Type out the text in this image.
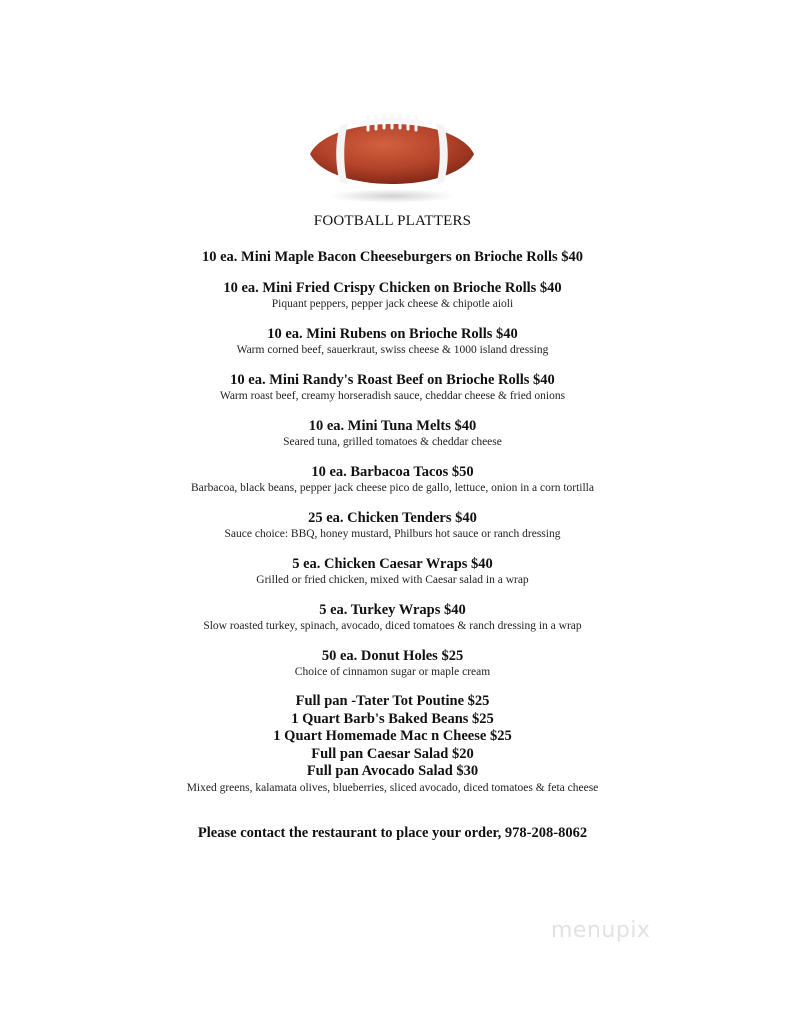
FOOTBALL PLATTERS
10 ea. Mini Maple Bacon Cheeseburgers on Brioche Rolls $40
10 ea. Mini Fried Crispy Chicken on Brioche Rolls $40
Piquant peppers, pepper jack cheese & chipotle aioli
10 ea. Mini Rubens on Brioche Rolls $40
Warm corned beef, sauerkraut, swiss cheese & 1000 island dressing
10 ea. Mini Randy's Roast Beef on Brioche Rolls $40
Warm roast beef, creamy horseradish sauce, cheddar cheese & fried onions
10 ea. Mini Tuna Melts $40
Seared tuna, grilled tomatoes & cheddar cheese
10 ea. Barbacoa Tacos $50
Barbacoa, black beans, pepper jack cheese pico de gallo, lettuce, onion in a corn tortilla
25 ea. Chicken Tenders $40
Sauce choice: BBQ, honey mustard, Philburs hot sauce or ranch dressing
5 ea. Chicken Caesar Wraps $40
Grilled or fried chicken, mixed with Caesar salad in a wrap
5 ea. Turkey Wraps $40
Slow roasted turkey, spinach, avocado, diced tomatoes & ranch dressing in a wrap
50 ea. Donut Holes $25
Choice of cinnamon sugar or maple cream
Full pan -Tater Tot Poutine $25
1 Quart Barb's Baked Beans $25
1 Quart Homemade Mac n Cheese $25
Full pan Caesar Salad $20
Full pan Avocado Salad $30
Mixed greens, kalamata olives, blueberries, sliced avocado, diced tomatoes & feta cheese
Please contact the restaurant to place your order, 978-208-8062
menupix
